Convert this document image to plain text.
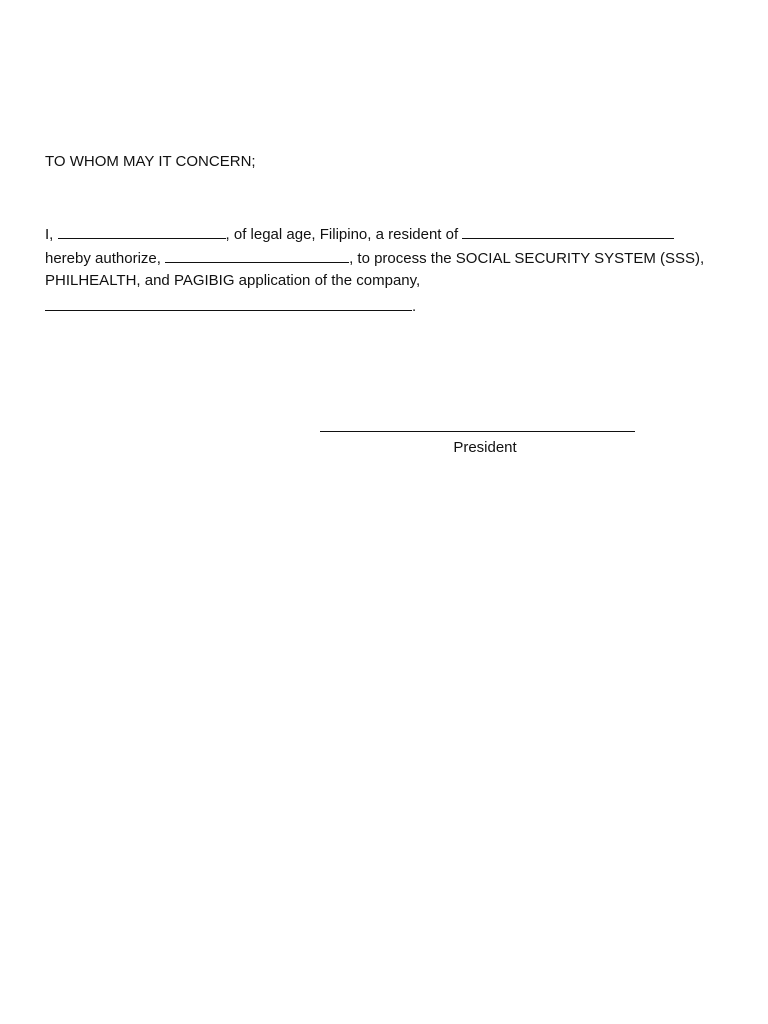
TO WHOM MAY IT CONCERN;
I,	, of legal age, Filipino, a resident of
hereby authorize,	, to process the SOCIAL SECURITY SYSTEM (SSS),
PHILHEALTH, and PAGIBIG application of the company,
.
President
